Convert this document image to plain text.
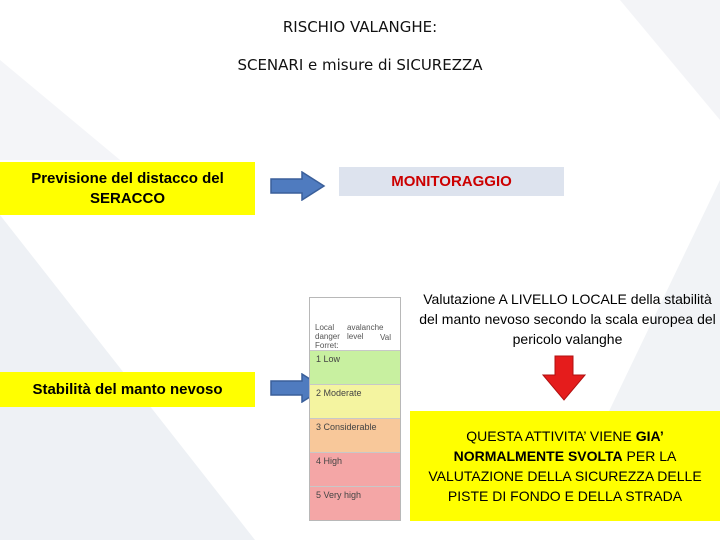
RISCHIO VALANGHE:
SCENARI e misure di SICUREZZA
Previsione del distacco del SERACCO
MONITORAGGIO
Valutazione A LIVELLO LOCALE della stabilità del manto nevoso secondo la scala europea del pericolo valanghe
Stabilità del manto nevoso
Local danger Forret:
avalanche level	Val
1 Low
2 Moderate
3 Considerable
4 High
5 Very high
QUESTA ATTIVITA’ VIENE GIA’ NORMALMENTE SVOLTA PER LA VALUTAZIONE DELLA SICUREZZA DELLE PISTE DI FONDO E DELLA STRADA
